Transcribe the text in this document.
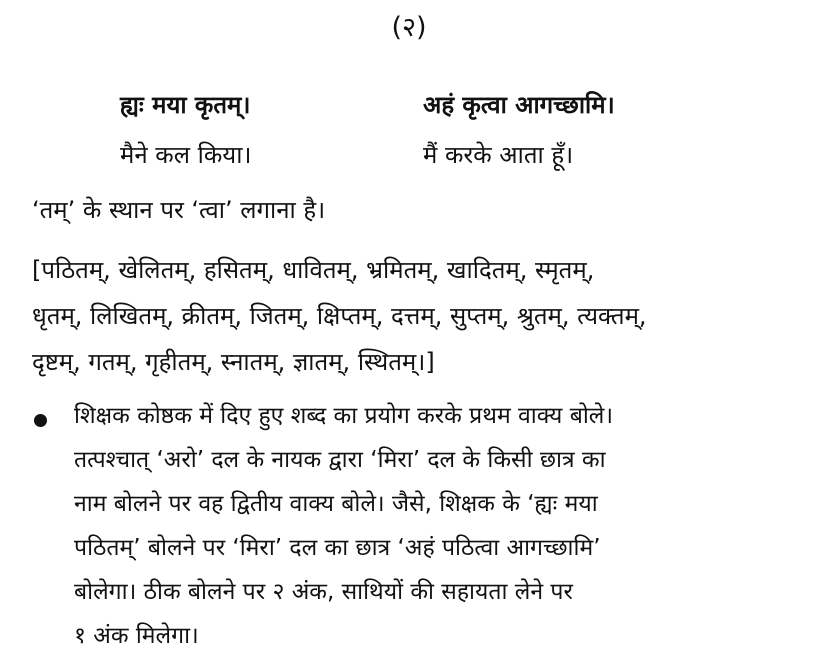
(२)
ह्यः मया कृतम्।	अहं कृत्वा आगच्छामि।
मैने कल किया।	मैं करके आता हूँ।
‘तम्’ के स्थान पर ‘त्वा’ लगाना है।
[पठितम्, खेलितम्, हसितम्, धावितम्, भ्रमितम्, खादितम्, स्मृतम्,
धृतम्, लिखितम्, क्रीतम्, जितम्, क्षिप्तम्, दत्तम्, सुप्तम्, श्रुतम्, त्यक्तम्,
दृष्टम्, गतम्, गृहीतम्, स्नातम्, ज्ञातम्, स्थितम्।]
शिक्षक कोष्ठक में दिए हुए शब्द का प्रयोग करके प्रथम वाक्य बोले।
तत्पश्चात् ‘अरो’ दल के नायक द्वारा ‘मिरा’ दल के किसी छात्र का
नाम बोलने पर वह द्वितीय वाक्य बोले। जैसे, शिक्षक के ‘ह्यः मया
पठितम्’ बोलने पर ‘मिरा’ दल का छात्र ‘अहं पठित्वा आगच्छामि’
बोलेगा। ठीक बोलने पर २ अंक, साथियों की सहायता लेने पर
१ अंक मिलेगा।
